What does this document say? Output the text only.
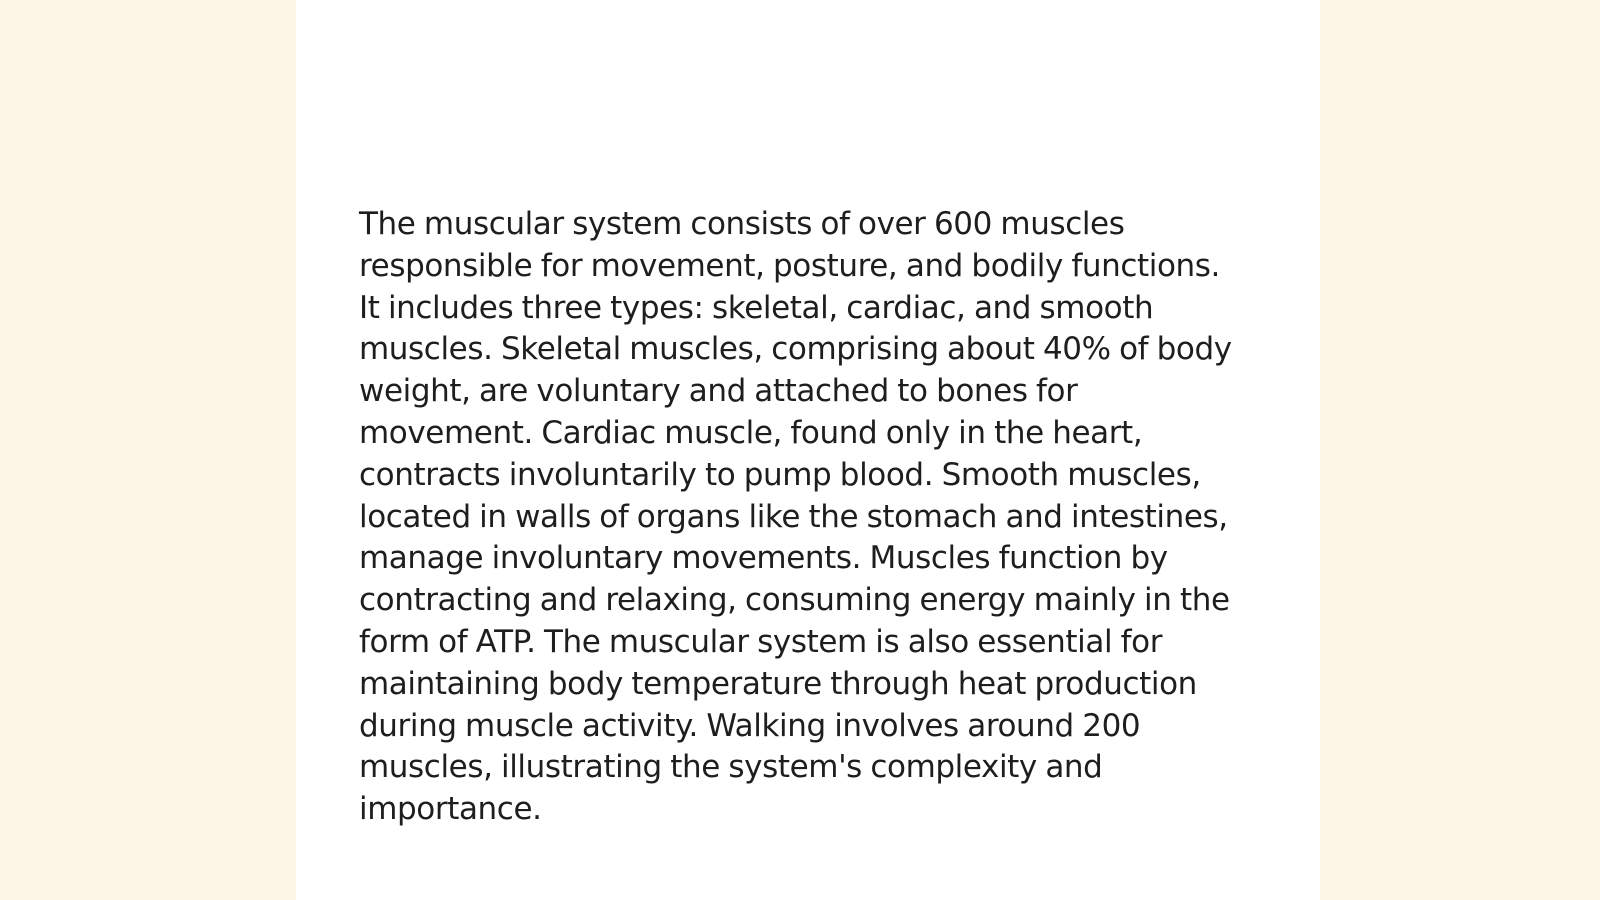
The muscular system consists of over 600 muscles responsible for movement, posture, and bodily functions. It includes three types: skeletal, cardiac, and smooth muscles. Skeletal muscles, comprising about 40% of body weight, are voluntary and attached to bones for movement. Cardiac muscle, found only in the heart, contracts involuntarily to pump blood. Smooth muscles, located in walls of organs like the stomach and intestines, manage involuntary movements. Muscles function by contracting and relaxing, consuming energy mainly in the form of ATP. The muscular system is also essential for maintaining body temperature through heat production during muscle activity. Walking involves around 200 muscles, illustrating the system's complexity and importance.
